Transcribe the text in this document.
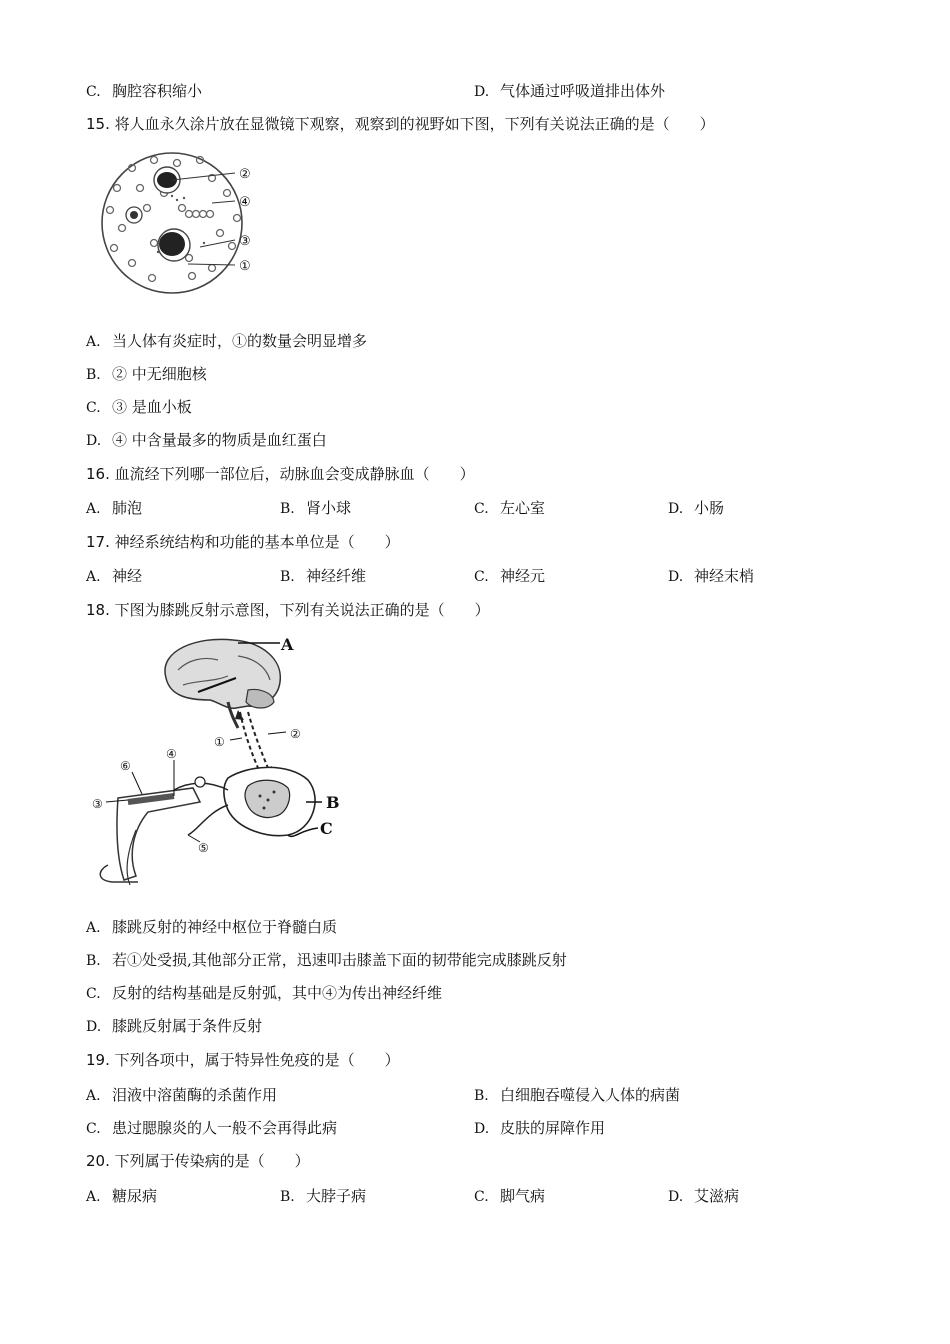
C. 胸腔容积缩小	D. 气体通过呼吸道排出体外
15. 将人血永久涂片放在显微镜下观察，观察到的视野如下图，下列有关说法正确的是（　　）
②
④
③
①
A. 当人体有炎症时，①的数量会明显增多
B. ② 中无细胞核
C. ③ 是血小板
D. ④ 中含量最多的物质是血红蛋白
16. 血流经下列哪一部位后，动脉血会变成静脉血（　　）
A. 肺泡	B. 肾小球	C. 左心室	D. 小肠
17. 神经系统结构和功能的基本单位是（　　）
A. 神经	B. 神经纤维	C. 神经元	D. 神经末梢
18. 下图为膝跳反射示意图，下列有关说法正确的是（　　）
A
①
②
B
C
④
⑥
③
⑤
A. 膝跳反射的神经中枢位于脊髓白质
B. 若①处受损,其他部分正常，迅速叩击膝盖下面的韧带能完成膝跳反射
C. 反射的结构基础是反射弧，其中④为传出神经纤维
D. 膝跳反射属于条件反射
19. 下列各项中，属于特异性免疫的是（　　）
A. 泪液中溶菌酶的杀菌作用	B. 白细胞吞噬侵入人体的病菌
C. 患过腮腺炎的人一般不会再得此病	D. 皮肤的屏障作用
20. 下列属于传染病的是（　　）
A. 糖尿病	B. 大脖子病	C. 脚气病	D. 艾滋病
